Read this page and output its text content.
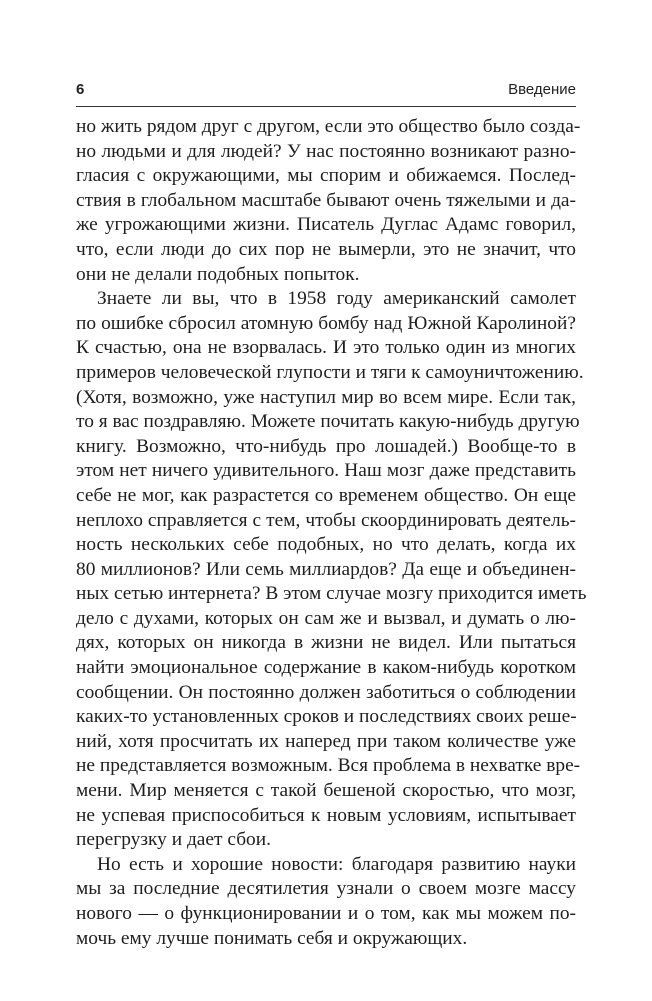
6	Введение
но жить рядом друг с другом, если это общество было созда-
но людьми и для людей? У нас постоянно возникают разно-
гласия с окружающими, мы спорим и обижаемся. Послед-
ствия в глобальном масштабе бывают очень тяжелыми и да-
же угрожающими жизни. Писатель Дуглас Адамс говорил,
что, если люди до сих пор не вымерли, это не значит, что
они не делали подобных попыток.
Знаете ли вы, что в 1958 году американский самолет
по ошибке сбросил атомную бомбу над Южной Каролиной?
К счастью, она не взорвалась. И это только один из многих
примеров человеческой глупости и тяги к самоуничтожению.
(Хотя, возможно, уже наступил мир во всем мире. Если так,
то я вас поздравляю. Можете почитать какую-нибудь другую
книгу. Возможно, что-нибудь про лошадей.) Вообще-то в
этом нет ничего удивительного. Наш мозг даже представить
себе не мог, как разрастется со временем общество. Он еще
неплохо справляется с тем, чтобы скоординировать деятель-
ность нескольких себе подобных, но что делать, когда их
80 миллионов? Или семь миллиардов? Да еще и объединен-
ных сетью интернета? В этом случае мозгу приходится иметь
дело с духами, которых он сам же и вызвал, и думать о лю-
дях, которых он никогда в жизни не видел. Или пытаться
найти эмоциональное содержание в каком-нибудь коротком
сообщении. Он постоянно должен заботиться о соблюдении
каких-то установленных сроков и последствиях своих реше-
ний, хотя просчитать их наперед при таком количестве уже
не представляется возможным. Вся проблема в нехватке вре-
мени. Мир меняется с такой бешеной скоростью, что мозг,
не успевая приспособиться к новым условиям, испытывает
перегрузку и дает сбои.
Но есть и хорошие новости: благодаря развитию науки
мы за последние десятилетия узнали о своем мозге массу
нового — о функционировании и о том, как мы можем по-
мочь ему лучше понимать себя и окружающих.
